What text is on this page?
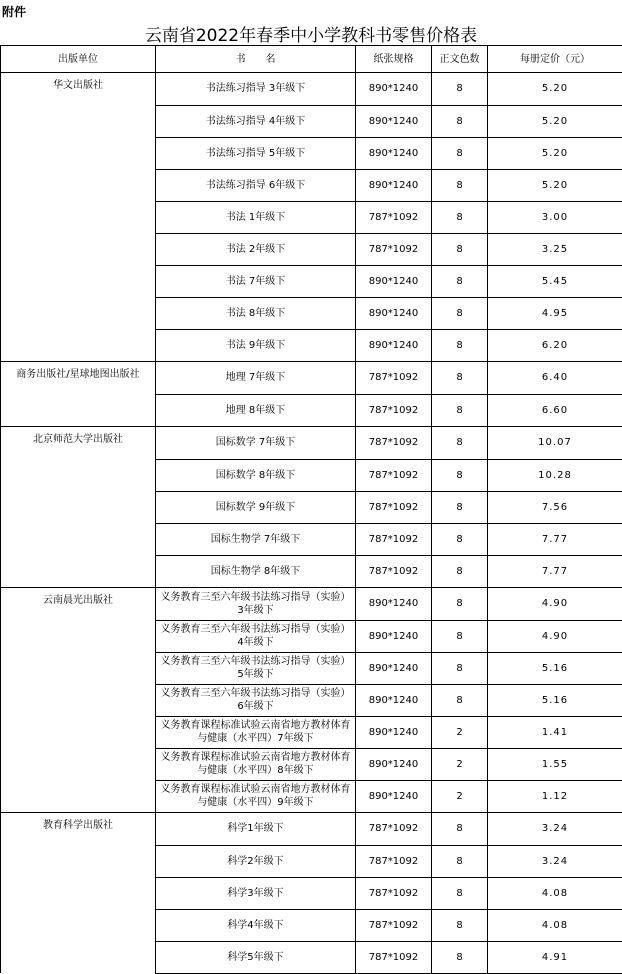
附件
云南省2022年春季中小学教科书零售价格表
出版单位	书　　名	纸张规格	正文色数	每册定价（元）
华文出版社	书法练习指导 3年级下	890*1240	8	5.20
	书法练习指导 4年级下	890*1240	8	5.20
	书法练习指导 5年级下	890*1240	8	5.20
	书法练习指导 6年级下	890*1240	8	5.20
	书法 1年级下	787*1092	8	3.00
	书法 2年级下	787*1092	8	3.25
	书法 7年级下	890*1240	8	5.45
	书法 8年级下	890*1240	8	4.95
	书法 9年级下	890*1240	8	6.20
商务出版社/星球地图出版社	地理 7年级下	787*1092	8	6.40
	地理 8年级下	787*1092	8	6.60
北京师范大学出版社	国标数学 7年级下	787*1092	8	10.07
	国标数学 8年级下	787*1092	8	10.28
	国标数学 9年级下	787*1092	8	7.56
	国标生物学 7年级下	787*1092	8	7.77
	国标生物学 8年级下	787*1092	8	7.77
云南晨光出版社	义务教育三至六年级书法练习指导（实验）3年级下	890*1240	8	4.90
	义务教育三至六年级书法练习指导（实验）4年级下	890*1240	8	4.90
	义务教育三至六年级书法练习指导（实验）5年级下	890*1240	8	5.16
	义务教育三至六年级书法练习指导（实验）6年级下	890*1240	8	5.16
	义务教育课程标准试验云南省地方教材体育与健康（水平四）7年级下	890*1240	2	1.41
	义务教育课程标准试验云南省地方教材体育与健康（水平四）8年级下	890*1240	2	1.55
	义务教育课程标准试验云南省地方教材体育与健康（水平四）9年级下	890*1240	2	1.12
教育科学出版社	科学1年级下	787*1092	8	3.24
	科学2年级下	787*1092	8	3.24
	科学3年级下	787*1092	8	4.08
	科学4年级下	787*1092	8	4.08
	科学5年级下	787*1092	8	4.91
